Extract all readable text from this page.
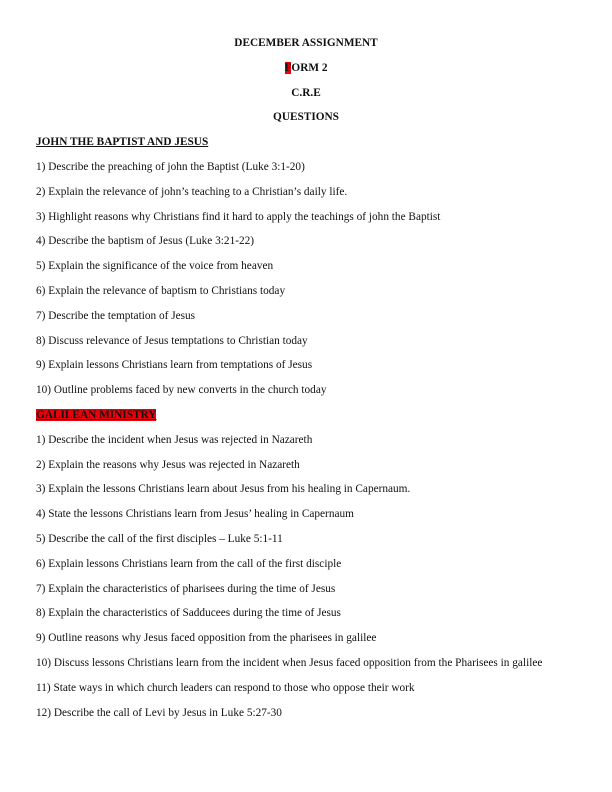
DECEMBER ASSIGNMENT
FORM 2
C.R.E
QUESTIONS
JOHN THE BAPTIST AND JESUS
1) Describe the preaching of john the Baptist (Luke 3:1-20)
2) Explain the relevance of john’s teaching to a Christian’s daily life.
3) Highlight reasons why Christians find it hard to apply the teachings of john the Baptist
4) Describe the baptism of Jesus (Luke 3:21-22)
5) Explain the significance of the voice from heaven
6) Explain the relevance of baptism to Christians today
7) Describe the temptation of Jesus
8) Discuss relevance of Jesus temptations to Christian today
9) Explain lessons Christians learn from temptations of Jesus
10) Outline problems faced by new converts in the church today
GALILEAN MINISTRY
1) Describe the incident when Jesus was rejected in Nazareth
2) Explain the reasons why Jesus was rejected in Nazareth
3) Explain the lessons Christians learn about Jesus from his healing in Capernaum.
4) State the lessons Christians learn from Jesus’ healing in Capernaum
5) Describe the call of the first disciples – Luke 5:1-11
6) Explain lessons Christians learn from the call of the first disciple
7) Explain the characteristics of pharisees during the time of Jesus
8) Explain the characteristics of Sadducees during the time of Jesus
9) Outline reasons why Jesus faced opposition from the pharisees in galilee
10) Discuss lessons Christians learn from the incident when Jesus faced opposition from the Pharisees in galilee
11) State ways in which church leaders can respond to those who oppose their work
12) Describe the call of Levi by Jesus in Luke 5:27-30
